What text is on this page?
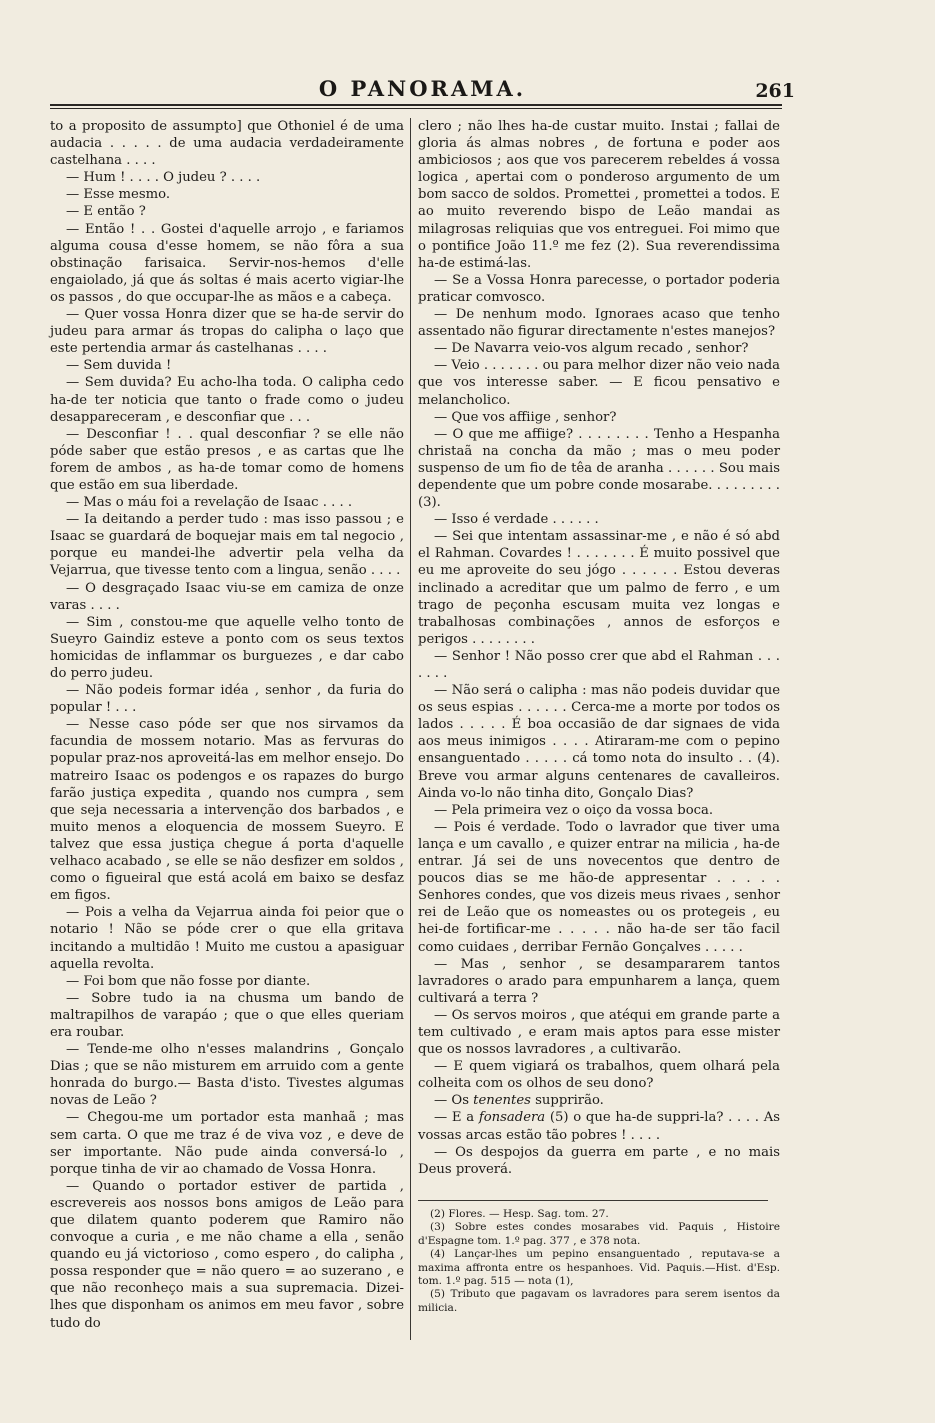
O PANORAMA.	261

to a proposito de assumpto] que Othoniel é de uma audacia . . . . . de uma audacia verdadeiramente castelhana . . . .

— Hum ! . . . . O judeu ? . . . .

— Esse mesmo.

— E então ?

— Então ! . . Gostei d'aquelle arrojo , e fariamos alguma cousa d'esse homem, se não fôra a sua obstinação farisaica. Servir-nos-hemos d'elle engaiolado, já que ás soltas é mais acerto vigiar-lhe os passos , do que occupar-lhe as mãos e a cabeça.

— Quer vossa Honra dizer que se ha-de servir do judeu para armar ás tropas do calipha o laço que este pertendia armar ás castelhanas . . . .

— Sem duvida !

— Sem duvida? Eu acho-lha toda. O calipha cedo ha-de ter noticia que tanto o frade como o judeu desappareceram , e desconfiar que . . .

— Desconfiar ! . . qual desconfiar ? se elle não póde saber que estão presos , e as cartas que lhe forem de ambos , as ha-de tomar como de homens que estão em sua liberdade.

— Mas o máu foi a revelação de Isaac . . . .

— Ia deitando a perder tudo : mas isso passou ; e Isaac se guardará de boquejar mais em tal negocio , porque eu mandei-lhe advertir pela velha da Vejarrua, que tivesse tento com a lingua, senão . . . .

— O desgraçado Isaac viu-se em camiza de onze varas . . . .

— Sim , constou-me que aquelle velho tonto de Sueyro Gaindiz esteve a ponto com os seus textos homicidas de inflammar os burguezes , e dar cabo do perro judeu.

— Não podeis formar idéa , senhor , da furia do popular ! . . .

— Nesse caso póde ser que nos sirvamos da facundia de mossem notario. Mas as fervuras do popular praz-nos aproveitá-las em melhor ensejo. Do matreiro Isaac os podengos e os rapazes do burgo farão justiça expedita , quando nos cumpra , sem que seja necessaria a intervenção dos barbados , e muito menos a eloquencia de mossem Sueyro. E talvez que essa justiça chegue á porta d'aquelle velhaco acabado , se elle se não desfizer em soldos , como o figueiral que está acolá em baixo se desfaz em figos.

— Pois a velha da Vejarrua ainda foi peior que o notario ! Não se póde crer o que ella gritava incitando a multidão ! Muito me custou a apasiguar aquella revolta.

— Foi bom que não fosse por diante.

— Sobre tudo ia na chusma um bando de maltrapilhos de varapáo ; que o que elles queriam era roubar.

— Tende-me olho n'esses malandrins , Gonçalo Dias ; que se não misturem em arruido com a gente honrada do burgo.— Basta d'isto. Tivestes algumas novas de Leão ?

— Chegou-me um portador esta manhaã ; mas sem carta. O que me traz é de viva voz , e deve de ser importante. Não pude ainda conversá-lo , porque tinha de vir ao chamado de Vossa Honra.

— Quando o portador estiver de partida , escrevereis aos nossos bons amigos de Leão para que dilatem quanto poderem que Ramiro não convoque a curia , e me não chame a ella , senão quando eu já victorioso , como espero , do calipha , possa responder que = não quero = ao suzerano , e que não reconheço mais a sua supremacia. Dizei-lhes que disponham os animos em meu favor , sobre tudo do

clero ; não lhes ha-de custar muito. Instai ; fallai de gloria ás almas nobres , de fortuna e poder aos ambiciosos ; aos que vos parecerem rebeldes á vossa logica , apertai com o ponderoso argumento de um bom sacco de soldos. Promettei , promettei a todos. E ao muito reverendo bispo de Leão mandai as milagrosas reliquias que vos entreguei. Foi mimo que o pontifice João 11.º me fez (2). Sua reverendissima ha-de estimá-las.

— Se a Vossa Honra parecesse, o portador poderia praticar comvosco.

— De nenhum modo. Ignoraes acaso que tenho assentado não figurar directamente n'estes manejos?

— De Navarra veio-vos algum recado , senhor?

— Veio . . . . . . . ou para melhor dizer não veio nada que vos interesse saber. — E ficou pensativo e melancholico.

— Que vos affiige , senhor?

— O que me affiige? . . . . . . . . Tenho a Hespanha christaã na concha da mão ; mas o meu poder suspenso de um fio de têa de aranha . . . . . . Sou mais dependente que um pobre conde mosarabe. . . . . . . . . (3).

— Isso é verdade . . . . . .

— Sei que intentam assassinar-me , e não é só abd el Rahman. Covardes ! . . . . . . . É muito possivel que eu me aproveite do seu jógo . . . . . . Estou deveras inclinado a acreditar que um palmo de ferro , e um trago de peçonha escusam muita vez longas e trabalhosas combinações , annos de esforços e perigos . . . . . . . .

— Senhor ! Não posso crer que abd el Rahman . . . . . . .

— Não será o calipha : mas não podeis duvidar que os seus espias . . . . . . Cerca-me a morte por todos os lados . . . . . É boa occasião de dar signaes de vida aos meus inimigos . . . . Atiraram-me com o pepino ensanguentado . . . . . cá tomo nota do insulto . . (4). Breve vou armar alguns centenares de cavalleiros. Ainda vo-lo não tinha dito, Gonçalo Dias?

— Pela primeira vez o oiço da vossa boca.

— Pois é verdade. Todo o lavrador que tiver uma lança e um cavallo , e quizer entrar na milicia , ha-de entrar. Já sei de uns novecentos que dentro de poucos dias se me hão-de appresentar . . . . . Senhores condes, que vos dizeis meus rivaes , senhor rei de Leão que os nomeastes ou os protegeis , eu hei-de fortificar-me . . . . . não ha-de ser tão facil como cuidaes , derribar Fernão Gonçalves . . . . .

— Mas , senhor , se desampararem tantos lavradores o arado para empunharem a lança, quem cultivará a terra ?

— Os servos moiros , que atéqui em grande parte a tem cultivado , e eram mais aptos para esse mister que os nossos lavradores , a cultivarão.

— E quem vigiará os trabalhos, quem olhará pela colheita com os olhos de seu dono?

— Os tenentes supprirão.

— E a fonsadera (5) o que ha-de suppri-la? . . . . As vossas arcas estão tão pobres ! . . . .

— Os despojos da guerra em parte , e no mais Deus proverá.

(2) Flores. — Hesp. Sag. tom. 27.

(3) Sobre estes condes mosarabes vid. Paquis , Histoire d'Espagne tom. 1.º pag. 377 , e 378 nota.

(4) Lançar-lhes um pepino ensanguentado , reputava-se a maxima affronta entre os hespanhoes. Vid. Paquis.—Hist. d'Esp. tom. 1.º pag. 515 — nota (1),

(5) Tributo que pagavam os lavradores para serem isentos da milicia.
